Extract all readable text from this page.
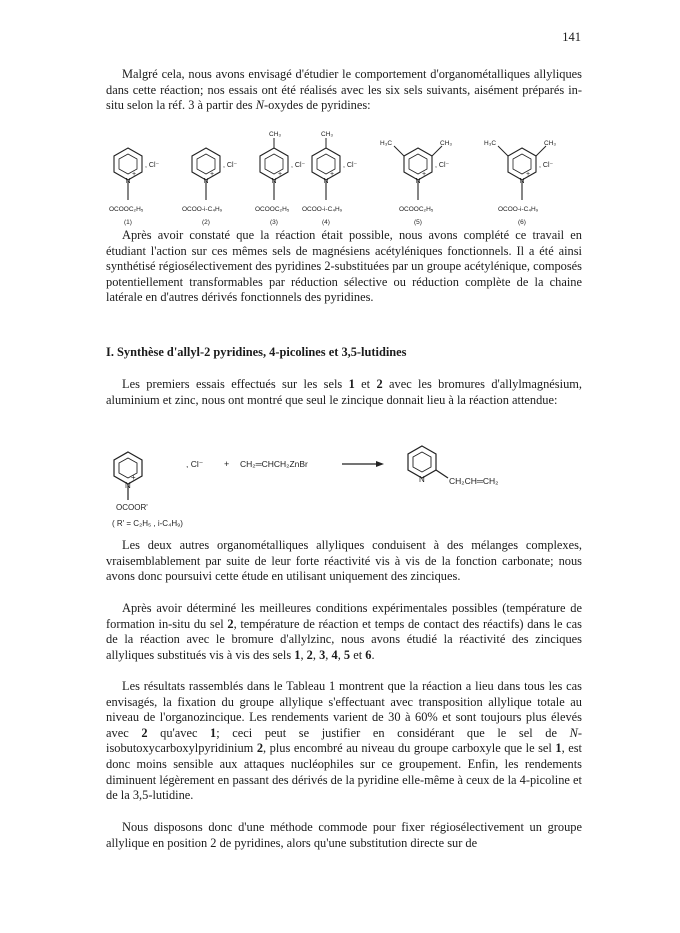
141

Malgré cela, nous avons envisagé d'étudier le comportement d'organométalliques allyliques dans cette réaction; nos essais ont été réalisés avec les six sels suivants, aisément préparés in-situ selon la réf. 3 à partir des N-oxydes de pyridines:

N
+
, Cl⁻
OCOOC₂H₅
(1)
, Cl⁻
OCOO-i-C₄H₉
(2)
CH₃
, Cl⁻
OCOOC₂H₅
(3)
CH₃
, Cl⁻
OCOO-i-C₄H₉
(4)
H₃C	CH₃
, Cl⁻
OCOOC₂H₅
(5)
H₃C	CH₃
, Cl⁻
OCOO-i-C₄H₉
(6)

Après avoir constaté que la réaction était possible, nous avons complété ce travail en étudiant l'action sur ces mêmes sels de magnésiens acétyléniques fonctionnels. Il a été ainsi synthétisé régiosélectivement des pyridines 2-substituées par un groupe acétylénique, composés potentiellement transformables par réduction sélective ou réduction complète de la chaine latérale en d'autres dérivés fonctionnels des pyridines.

I. Synthèse d'allyl-2 pyridines, 4-picolines et 3,5-lutidines

Les premiers essais effectués sur les sels 1 et 2 avec les bromures d'allylmagnésium, aluminium et zinc, nous ont montré que seul le zincique donnait lieu à la réaction attendue:

N
+
OCOOR'
( R' = C₂H₅ , i-C₄H₉)
, Cl⁻ + CH₂═CHCH₂ZnBr
N	CH₂CH═CH₂

Les deux autres organométalliques allyliques conduisent à des mélanges complexes, vraisemblablement par suite de leur forte réactivité vis à vis de la fonction carbonate; nous avons donc poursuivi cette étude en utilisant uniquement des zinciques.

Après avoir déterminé les meilleures conditions expérimentales possibles (température de formation in-situ du sel 2, température de réaction et temps de contact des réactifs) dans le cas de la réaction avec le bromure d'allylzinc, nous avons étudié la réactivité des zinciques allyliques substitués vis à vis des sels 1, 2, 3, 4, 5 et 6.

Les résultats rassemblés dans le Tableau 1 montrent que la réaction a lieu dans tous les cas envisagés, la fixation du groupe allylique s'effectuant avec transposition allylique totale au niveau de l'organozincique. Les rendements varient de 30 à 60% et sont toujours plus élevés avec 2 qu'avec 1; ceci peut se justifier en considérant que le sel de N-isobutoxycarboxylpyridinium 2, plus encombré au niveau du groupe carboxyle que le sel 1, est donc moins sensible aux attaques nucléophiles sur ce groupement. Enfin, les rendements diminuent légèrement en passant des dérivés de la pyridine elle-même à ceux de la 4-picoline et de la 3,5-lutidine.

Nous disposons donc d'une méthode commode pour fixer régiosélectivement un groupe allylique en position 2 de pyridines, alors qu'une substitution directe sur de
